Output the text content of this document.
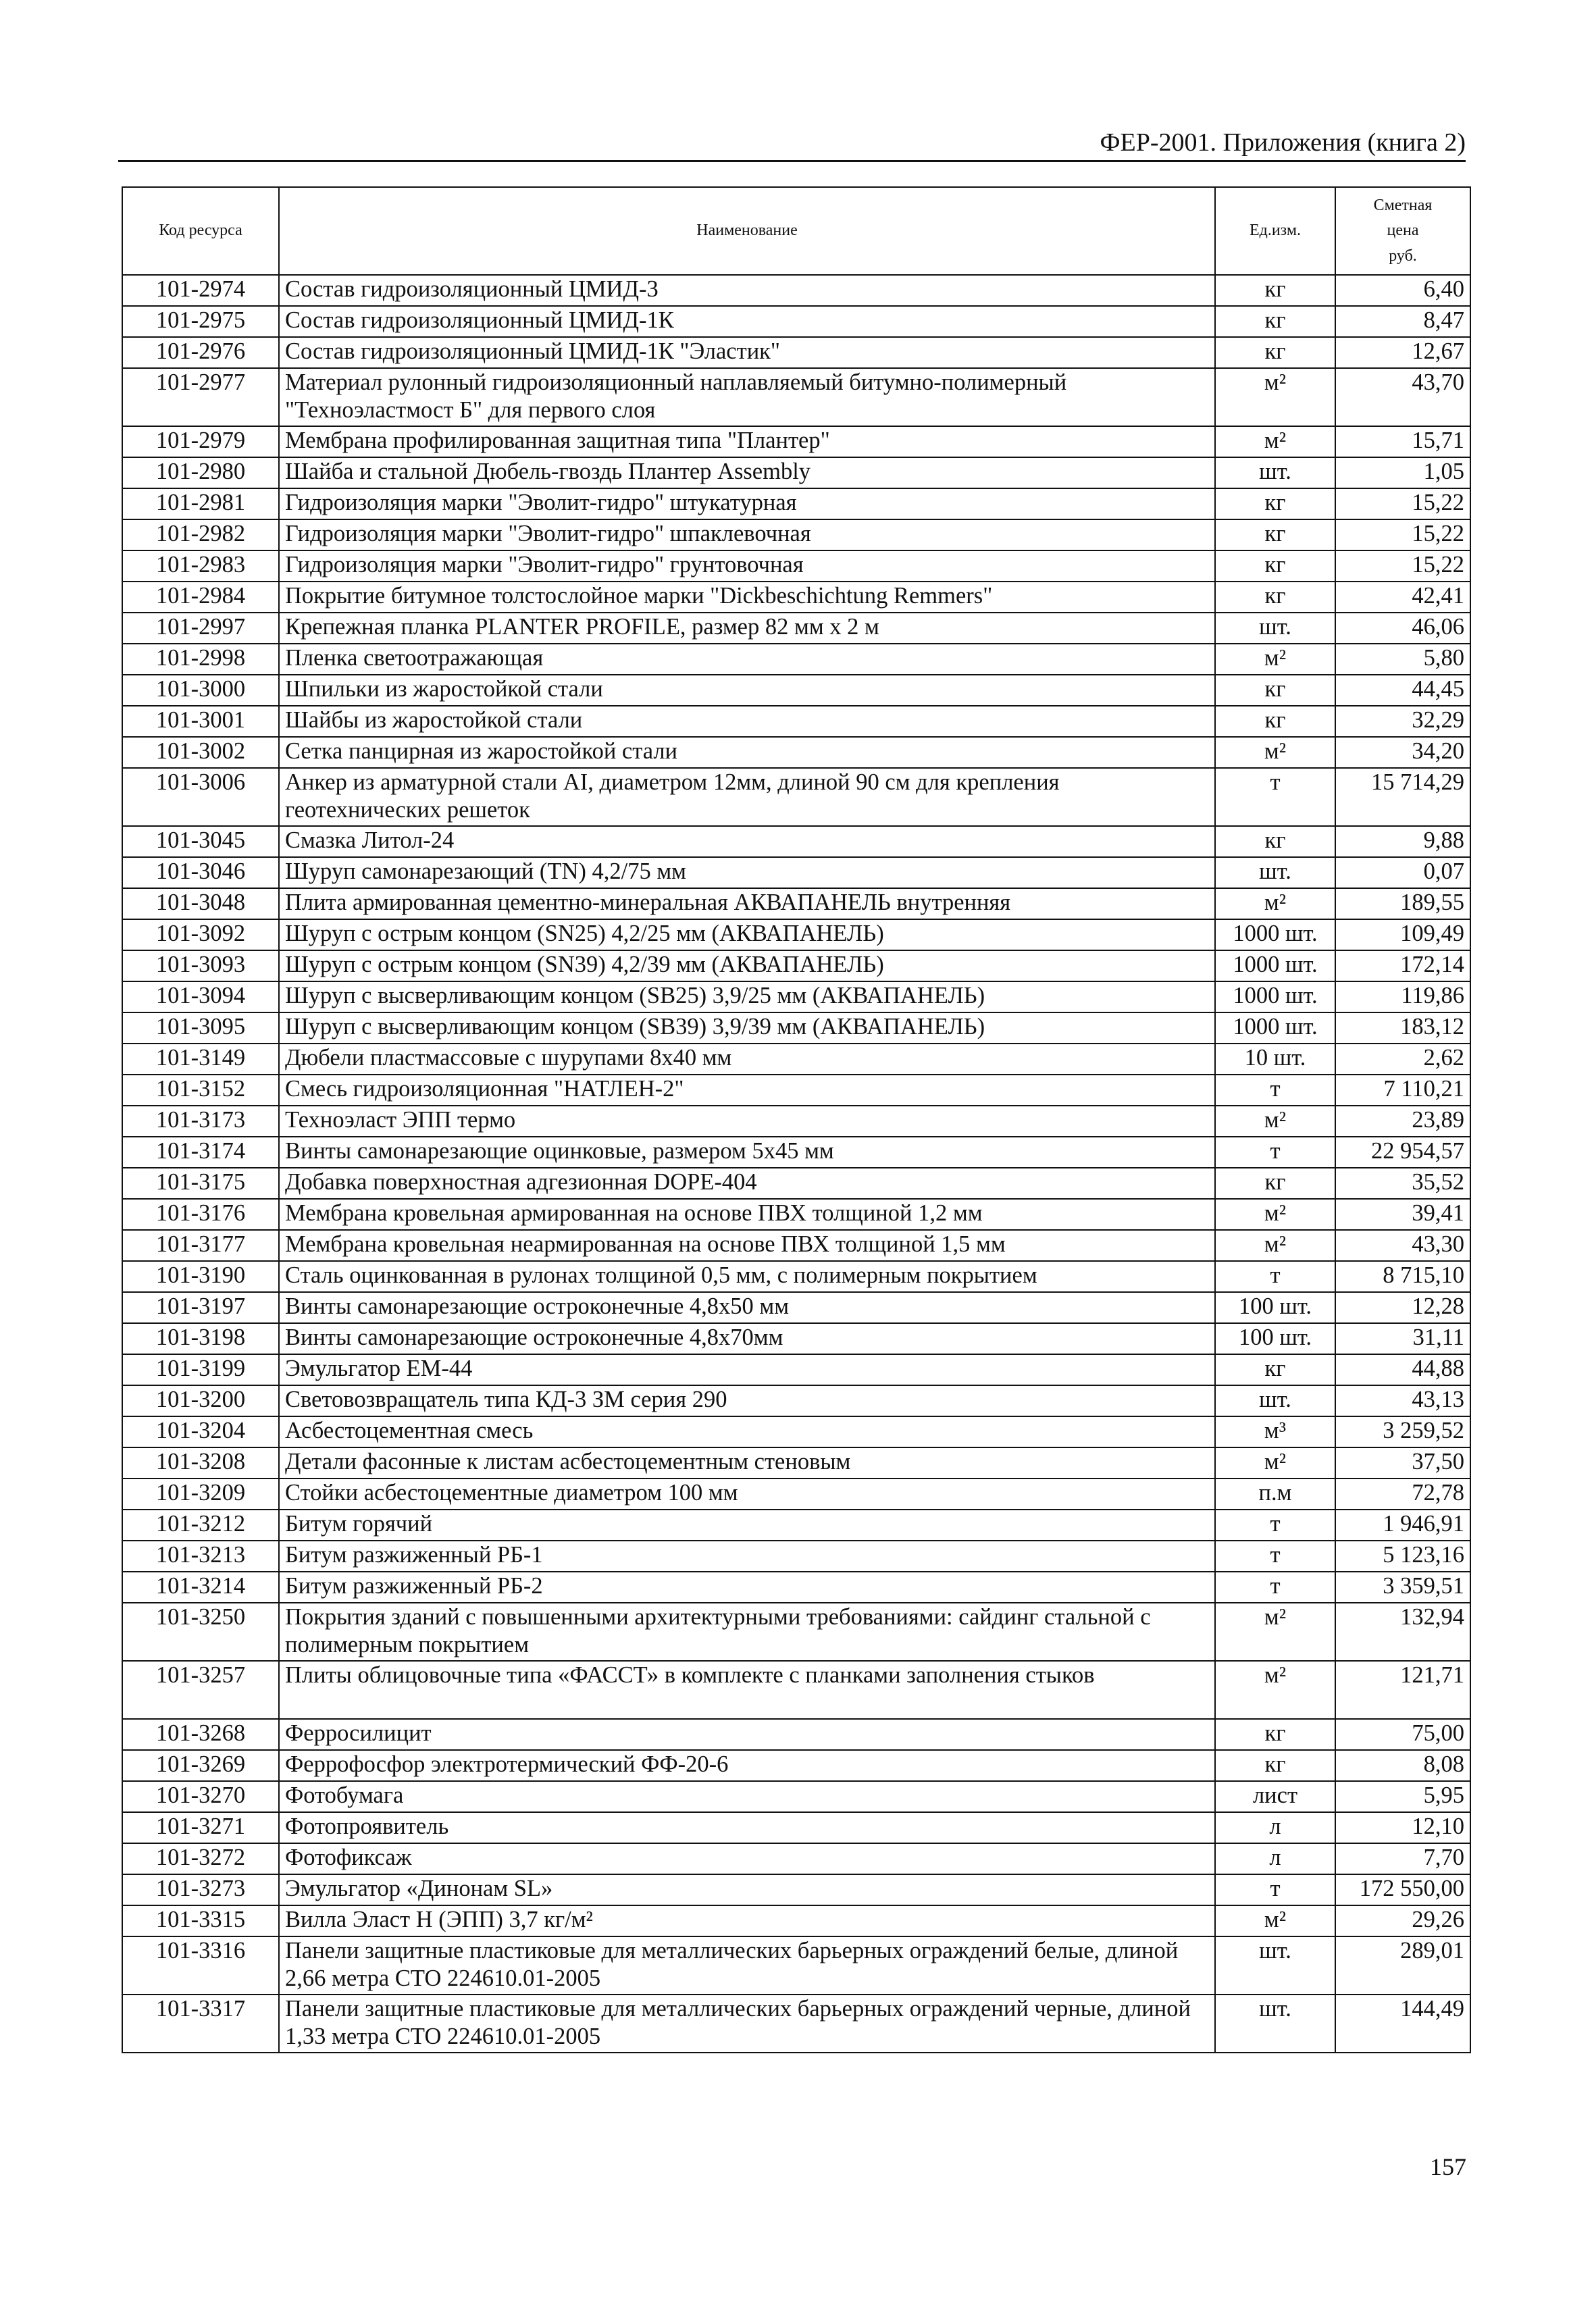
ФЕР-2001. Приложения (книга 2)
Код ресурса	Наименование	Ед.изм.	Сметная
цена
руб.
101-2974	Состав гидроизоляционный ЦМИД-3	кг	6,40
101-2975	Состав гидроизоляционный ЦМИД-1К	кг	8,47
101-2976	Состав гидроизоляционный ЦМИД-1К "Эластик"	кг	12,67
101-2977	Материал рулонный гидроизоляционный наплавляемый битумно-полимерный "Техноэластмост Б" для первого слоя	м²	43,70
101-2979	Мембрана профилированная защитная типа "Плантер"	м²	15,71
101-2980	Шайба и стальной Дюбель-гвоздь Плантер Assembly	шт.	1,05
101-2981	Гидроизоляция марки "Эволит-гидро" штукатурная	кг	15,22
101-2982	Гидроизоляция марки "Эволит-гидро" шпаклевочная	кг	15,22
101-2983	Гидроизоляция марки "Эволит-гидро" грунтовочная	кг	15,22
101-2984	Покрытие битумное толстослойное марки "Dickbeschichtung Remmers"	кг	42,41
101-2997	Крепежная планка PLANTER PROFILE, размер 82 мм х 2 м	шт.	46,06
101-2998	Пленка светоотражающая	м²	5,80
101-3000	Шпильки из жаростойкой стали	кг	44,45
101-3001	Шайбы из жаростойкой стали	кг	32,29
101-3002	Сетка панцирная из жаростойкой стали	м²	34,20
101-3006	Анкер из арматурной стали AI, диаметром 12мм, длиной 90 см для крепления геотехнических решеток	т	15 714,29
101-3045	Смазка Литол-24	кг	9,88
101-3046	Шуруп самонарезающий (TN) 4,2/75 мм	шт.	0,07
101-3048	Плита армированная цементно-минеральная АКВАПАНЕЛЬ внутренняя	м²	189,55
101-3092	Шуруп с острым концом (SN25) 4,2/25 мм (АКВАПАНЕЛЬ)	1000 шт.	109,49
101-3093	Шуруп с острым концом (SN39) 4,2/39 мм (АКВАПАНЕЛЬ)	1000 шт.	172,14
101-3094	Шуруп с высверливающим концом (SB25) 3,9/25 мм (АКВАПАНЕЛЬ)	1000 шт.	119,86
101-3095	Шуруп с высверливающим концом (SB39) 3,9/39 мм (АКВАПАНЕЛЬ)	1000 шт.	183,12
101-3149	Дюбели пластмассовые с шурупами 8х40 мм	10 шт.	2,62
101-3152	Смесь гидроизоляционная "НАТЛЕН-2"	т	7 110,21
101-3173	Техноэласт ЭПП термо	м²	23,89
101-3174	Винты самонарезающие оцинковые, размером 5х45 мм	т	22 954,57
101-3175	Добавка поверхностная адгезионная DOPE-404	кг	35,52
101-3176	Мембрана кровельная армированная на основе ПВХ толщиной 1,2 мм	м²	39,41
101-3177	Мембрана кровельная неармированная на основе ПВХ толщиной 1,5 мм	м²	43,30
101-3190	Сталь оцинкованная в рулонах толщиной 0,5 мм, с полимерным покрытием	т	8 715,10
101-3197	Винты самонарезающие остроконечные 4,8х50 мм	100 шт.	12,28
101-3198	Винты самонарезающие остроконечные 4,8х70мм	100 шт.	31,11
101-3199	Эмульгатор ЕМ-44	кг	44,88
101-3200	Световозвращатель типа КД-3 ЗМ серия 290	шт.	43,13
101-3204	Асбестоцементная смесь	м³	3 259,52
101-3208	Детали фасонные к листам асбестоцементным стеновым	м²	37,50
101-3209	Стойки асбестоцементные диаметром 100 мм	п.м	72,78
101-3212	Битум горячий	т	1 946,91
101-3213	Битум разжиженный РБ-1	т	5 123,16
101-3214	Битум разжиженный РБ-2	т	3 359,51
101-3250	Покрытия зданий с повышенными архитектурными требованиями: сайдинг стальной с полимерным покрытием	м²	132,94
101-3257	Плиты облицовочные типа «ФАССТ» в комплекте с планками заполнения стыков	м²	121,71
101-3268	Ферросилицит	кг	75,00
101-3269	Феррофосфор электротермический ФФ-20-6	кг	8,08
101-3270	Фотобумага	лист	5,95
101-3271	Фотопроявитель	л	12,10
101-3272	Фотофиксаж	л	7,70
101-3273	Эмульгатор «Динонам SL»	т	172 550,00
101-3315	Вилла Эласт Н (ЭПП) 3,7 кг/м²	м²	29,26
101-3316	Панели защитные пластиковые для металлических барьерных ограждений белые, длиной 2,66 метра СТО 224610.01-2005	шт.	289,01
101-3317	Панели защитные пластиковые для металлических барьерных ограждений черные, длиной 1,33 метра СТО 224610.01-2005	шт.	144,49
157
